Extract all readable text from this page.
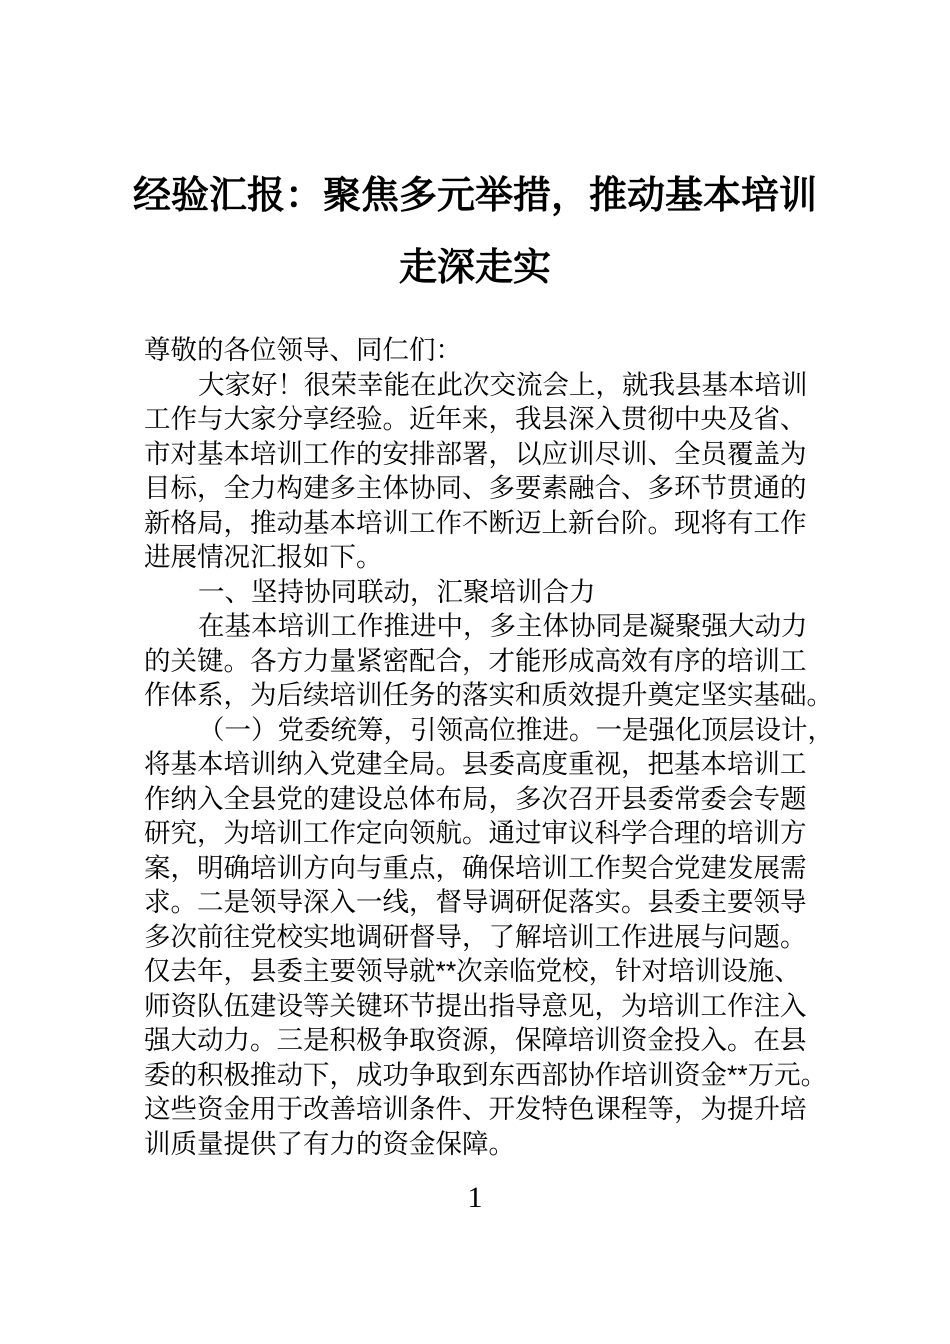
经验汇报：聚焦多元举措，推动基本培训
走深走实
尊敬的各位领导、同仁们：
大家好！很荣幸能在此次交流会上，就我县基本培训
工作与大家分享经验。近年来，我县深入贯彻中央及省、
市对基本培训工作的安排部署，以应训尽训、全员覆盖为
目标，全力构建多主体协同、多要素融合、多环节贯通的
新格局，推动基本培训工作不断迈上新台阶。现将有工作
进展情况汇报如下。
一、坚持协同联动，汇聚培训合力
在基本培训工作推进中，多主体协同是凝聚强大动力
的关键。各方力量紧密配合，才能形成高效有序的培训工
作体系，为后续培训任务的落实和质效提升奠定坚实基础。
（一）党委统筹，引领高位推进。一是强化顶层设计，
将基本培训纳入党建全局。县委高度重视，把基本培训工
作纳入全县党的建设总体布局，多次召开县委常委会专题
研究，为培训工作定向领航。通过审议科学合理的培训方
案，明确培训方向与重点，确保培训工作契合党建发展需
求。二是领导深入一线，督导调研促落实。县委主要领导
多次前往党校实地调研督导，了解培训工作进展与问题。
仅去年，县委主要领导就**次亲临党校，针对培训设施、
师资队伍建设等关键环节提出指导意见，为培训工作注入
强大动力。三是积极争取资源，保障培训资金投入。在县
委的积极推动下，成功争取到东西部协作培训资金**万元。
这些资金用于改善培训条件、开发特色课程等，为提升培
训质量提供了有力的资金保障。
1
